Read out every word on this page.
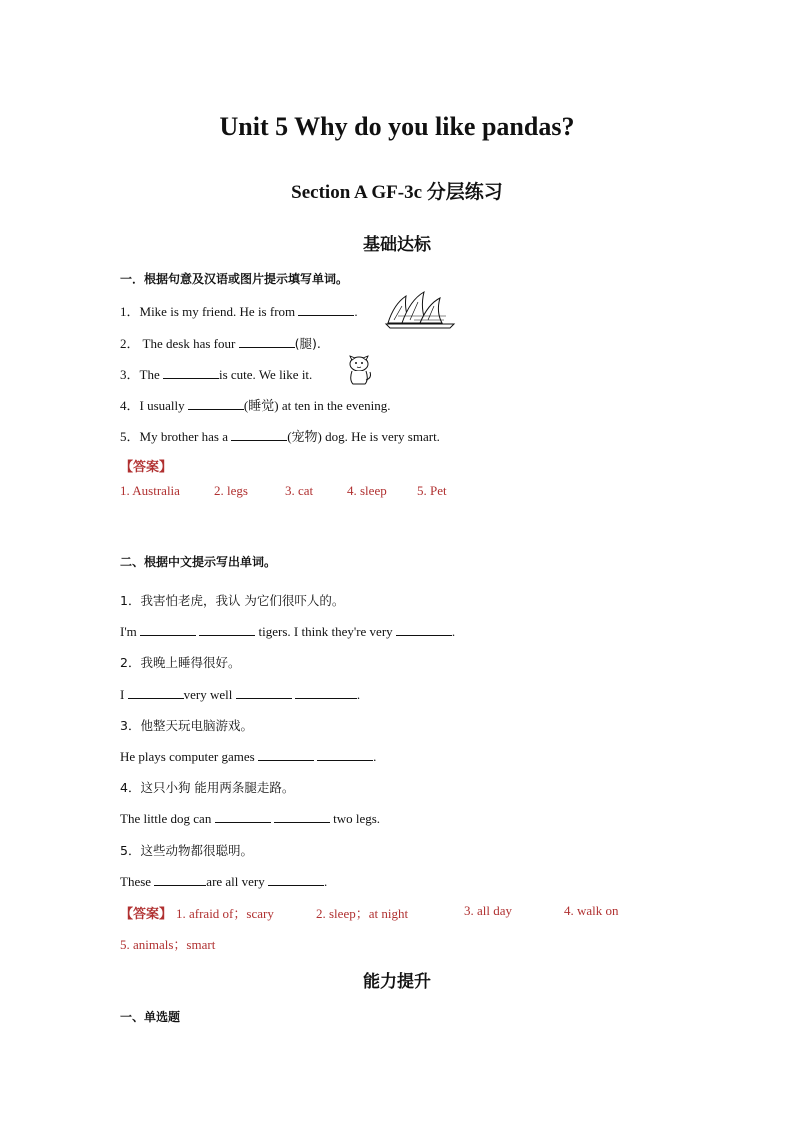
Unit 5 Why do you like pandas?
Section A GF-3c 分层练习
基础达标
一．根据句意及汉语或图片提示填写单词。
1．Mike is my friend. He is from	.
2． The desk has four	(腿).
3．The	is cute. We like it.
4．I usually	(睡觉) at ten in the evening.
5．My brother has a	(宠物) dog. He is very smart.
【答案】
1. Australia	2. legs	3. cat	4. sleep 5. Pet
二、根据中文提示写出单词。
1．我害怕老虎，我认 为它们很吓人的。
I'm	tigers. I think they're very	.
2．我晚上睡得很好。
I	very well	.
3．他整天玩电脑游戏。
He plays computer games	.
4．这只小狗 能用两条腿走路。
The little dog can	two legs.
5．这些动物都很聪明。
These	are all very	.
【答案】 1. afraid of；scary	2. sleep；at night	3. all day	4. walk on
5. animals；smart
能力提升
一、单选题
